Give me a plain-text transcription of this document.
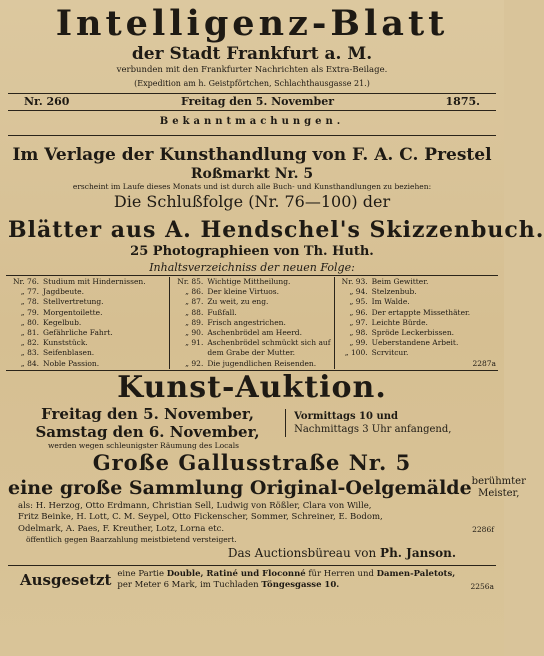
Intelligenz-Blatt
der Stadt Frankfurt a. M.
verbunden mit den Frankfurter Nachrichten als Extra-Beilage.
(Expedition am h. Geistpförtchen, Schlachthausgasse 21.)
Nr. 260	Freitag den 5. November	1875.
Bekanntmachungen.
Im Verlage der Kunsthandlung von F. A. C. Prestel
Roßmarkt Nr. 5
erscheint im Laufe dieses Monats und ist durch alle Buch- und Kunsthandlungen zu beziehen:
Die Schlußfolge (Nr. 76—100) der
Blätter aus A. Hendschel's Skizzenbuch.
25 Photographieen von Th. Huth.
Inhaltsverzeichniss der neuen Folge:
Nr. 76. Studium mit Hindernissen.
„ 77. Jagdbeute.
„ 78. Stellvertretung.
„ 79. Morgentoilette.
„ 80. Kegelbub.
„ 81. Gefährliche Fahrt.
„ 82. Kunststück.
„ 83. Seifenblasen.
„ 84. Noble Passion.
Nr. 85. Wichtige Mittheilung.
„ 86. Der kleine Virtuos.
„ 87. Zu weit, zu eng.
„ 88. Fußfall.
„ 89. Frisch angestrichen.
„ 90. Aschenbrödel am Heerd.
„ 91. Aschenbrödel schmückt sich auf
dem Grabe der Mutter.
„ 92. Die jugendlichen Reisenden.
Nr. 93. Beim Gewitter.
„ 94. Stelzenbub.
„ 95. Im Walde.
„ 96. Der ertappte Missethäter.
„ 97. Leichte Bürde.
„ 98. Spröde Leckerbissen.
„ 99. Ueberstandene Arbeit.
„ 100. Scrvitcur.
2287a
Kunst-Auktion.
Freitag den 5. November,
Samstag den 6. November,
Vormittags 10 und
Nachmittags 3 Uhr anfangend,
werden wegen schleunigster Räumung des Locals
Große Gallusstraße Nr. 5
eine große Sammlung Original-Oelgemälde berühmter Meister,
als: H. Herzog, Otto Erdmann, Christian Sell, Ludwig von Rößler, Clara von Wille,
Fritz Beinke, H. Lott, C. M. Seypel, Otto Fickenscher, Sommer, Schreiner, E. Bodom,
Odelmark, A. Paes, F. Kreuther, Lotz, Lorna etc.	2286f
öffentlich gegen Baarzahlung meistbietend versteigert.
Das Auctionsbüreau von Ph. Janson.
Ausgesetzt eine Partie Double, Ratiné und Floconné für Herren und Damen-Paletots,
per Meter 6 Mark, im Tuchladen Töngesgasse 10.	2256a
